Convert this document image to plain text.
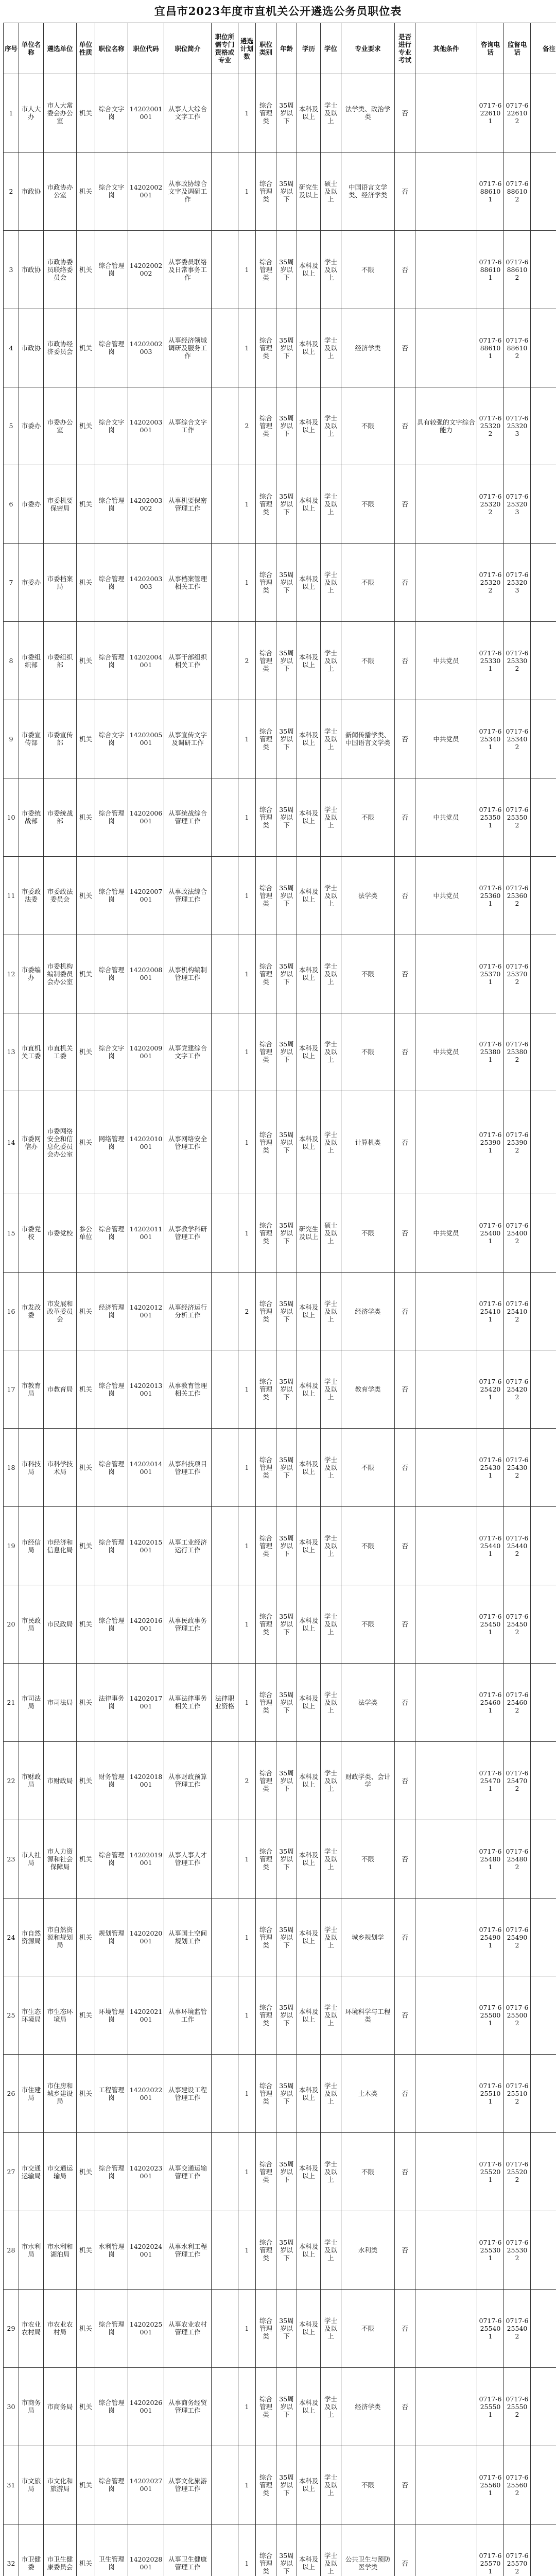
宜昌市2023年度市直机关公开遴选公务员职位表
序号	单位名称	遴选单位	单位性质	职位名称	职位代码	职位简介	职位所需专门资格或专业	遴选计划数	职位类别	年龄	学历	学位	专业要求	是否进行专业考试	其他条件	咨询电话	监督电话	备注
1	市人大办	市人大常委会办公室	机关	综合文字岗	14202001001	从事人大综合文字工作		1	综合管理类	35周岁以下	本科及以上	学士及以上	法学类、政治学类	否		0717-6226101	0717-6226102	
2	市政协	市政协办公室	机关	综合文字岗	14202002001	从事政协综合文字及调研工作		1	综合管理类	35周岁以下	研究生及以上	硕士及以上	中国语言文学类、经济学类	否		0717-6886101	0717-6886102	
3	市政协	市政协委员联络委员会	机关	综合管理岗	14202002002	从事委员联络及日常事务工作		1	综合管理类	35周岁以下	本科及以上	学士及以上	不限	否		0717-6886101	0717-6886102	
4	市政协	市政协经济委员会	机关	综合管理岗	14202002003	从事经济领域调研及服务工作		1	综合管理类	35周岁以下	本科及以上	学士及以上	经济学类	否		0717-6886101	0717-6886102	
5	市委办	市委办公室	机关	综合文字岗	14202003001	从事综合文字工作		2	综合管理类	35周岁以下	本科及以上	学士及以上	不限	否	具有较强的文字综合能力	0717-6253202	0717-6253203	
6	市委办	市委机要保密局	机关	综合管理岗	14202003002	从事机要保密管理工作		1	综合管理类	35周岁以下	本科及以上	学士及以上	不限	否		0717-6253202	0717-6253203	
7	市委办	市委档案局	机关	综合管理岗	14202003003	从事档案管理相关工作		1	综合管理类	35周岁以下	本科及以上	学士及以上	不限	否		0717-6253202	0717-6253203	
8	市委组织部	市委组织部	机关	综合管理岗	14202004001	从事干部组织相关工作		2	综合管理类	35周岁以下	本科及以上	学士及以上	不限	否	中共党员	0717-6253301	0717-6253302	
9	市委宣传部	市委宣传部	机关	综合文字岗	14202005001	从事宣传文字及调研工作		1	综合管理类	35周岁以下	本科及以上	学士及以上	新闻传播学类、中国语言文学类	否	中共党员	0717-6253401	0717-6253402	
10	市委统战部	市委统战部	机关	综合管理岗	14202006001	从事统战综合管理工作		1	综合管理类	35周岁以下	本科及以上	学士及以上	不限	否	中共党员	0717-6253501	0717-6253502	
11	市委政法委	市委政法委员会	机关	综合管理岗	14202007001	从事政法综合管理工作		1	综合管理类	35周岁以下	本科及以上	学士及以上	法学类	否	中共党员	0717-6253601	0717-6253602	
12	市委编办	市委机构编制委员会办公室	机关	综合管理岗	14202008001	从事机构编制管理工作		1	综合管理类	35周岁以下	本科及以上	学士及以上	不限	否		0717-6253701	0717-6253702	
13	市直机关工委	市直机关工委	机关	综合文字岗	14202009001	从事党建综合文字工作		1	综合管理类	35周岁以下	本科及以上	学士及以上	不限	否	中共党员	0717-6253801	0717-6253802	
14	市委网信办	市委网络安全和信息化委员会办公室	机关	网络管理岗	14202010001	从事网络安全管理工作		1	综合管理类	35周岁以下	本科及以上	学士及以上	计算机类	否		0717-6253901	0717-6253902	
15	市委党校	市委党校	参公单位	综合管理岗	14202011001	从事教学科研管理工作		1	综合管理类	35周岁以下	研究生及以上	硕士及以上	不限	否	中共党员	0717-6254001	0717-6254002	
16	市发改委	市发展和改革委员会	机关	经济管理岗	14202012001	从事经济运行分析工作		2	综合管理类	35周岁以下	本科及以上	学士及以上	经济学类	否		0717-6254101	0717-6254102	
17	市教育局	市教育局	机关	综合管理岗	14202013001	从事教育管理相关工作		1	综合管理类	35周岁以下	本科及以上	学士及以上	教育学类	否		0717-6254201	0717-6254202	
18	市科技局	市科学技术局	机关	综合管理岗	14202014001	从事科技项目管理工作		1	综合管理类	35周岁以下	本科及以上	学士及以上	不限	否		0717-6254301	0717-6254302	
19	市经信局	市经济和信息化局	机关	综合管理岗	14202015001	从事工业经济运行工作		1	综合管理类	35周岁以下	本科及以上	学士及以上	不限	否		0717-6254401	0717-6254402	
20	市民政局	市民政局	机关	综合管理岗	14202016001	从事民政事务管理工作		1	综合管理类	35周岁以下	本科及以上	学士及以上	不限	否		0717-6254501	0717-6254502	
21	市司法局	市司法局	机关	法律事务岗	14202017001	从事法律事务相关工作	法律职业资格	1	综合管理类	35周岁以下	本科及以上	学士及以上	法学类	否		0717-6254601	0717-6254602	
22	市财政局	市财政局	机关	财务管理岗	14202018001	从事财政预算管理工作		2	综合管理类	35周岁以下	本科及以上	学士及以上	财政学类、会计学	否		0717-6254701	0717-6254702	
23	市人社局	市人力资源和社会保障局	机关	综合管理岗	14202019001	从事人事人才管理工作		1	综合管理类	35周岁以下	本科及以上	学士及以上	不限	否		0717-6254801	0717-6254802	
24	市自然资源局	市自然资源和规划局	机关	规划管理岗	14202020001	从事国土空间规划工作		1	综合管理类	35周岁以下	本科及以上	学士及以上	城乡规划学	否		0717-6254901	0717-6254902	
25	市生态环境局	市生态环境局	机关	环境管理岗	14202021001	从事环境监管工作		1	综合管理类	35周岁以下	本科及以上	学士及以上	环境科学与工程类	否		0717-6255001	0717-6255002	
26	市住建局	市住房和城乡建设局	机关	工程管理岗	14202022001	从事建设工程管理工作		1	综合管理类	35周岁以下	本科及以上	学士及以上	土木类	否		0717-6255101	0717-6255102	
27	市交通运输局	市交通运输局	机关	综合管理岗	14202023001	从事交通运输管理工作		1	综合管理类	35周岁以下	本科及以上	学士及以上	不限	否		0717-6255201	0717-6255202	
28	市水利局	市水利和湖泊局	机关	水利管理岗	14202024001	从事水利工程管理工作		1	综合管理类	35周岁以下	本科及以上	学士及以上	水利类	否		0717-6255301	0717-6255302	
29	市农业农村局	市农业农村局	机关	综合管理岗	14202025001	从事农业农村管理工作		1	综合管理类	35周岁以下	本科及以上	学士及以上	不限	否		0717-6255401	0717-6255402	
30	市商务局	市商务局	机关	综合管理岗	14202026001	从事商务经贸管理工作		1	综合管理类	35周岁以下	本科及以上	学士及以上	经济学类	否		0717-6255501	0717-6255502	
31	市文旅局	市文化和旅游局	机关	综合管理岗	14202027001	从事文化旅游管理工作		1	综合管理类	35周岁以下	本科及以上	学士及以上	不限	否		0717-6255601	0717-6255602	
32	市卫健委	市卫生健康委员会	机关	卫生管理岗	14202028001	从事卫生健康管理工作		1	综合管理类	35周岁以下	本科及以上	学士及以上	公共卫生与预防医学类	否		0717-6255701	0717-6255702	
